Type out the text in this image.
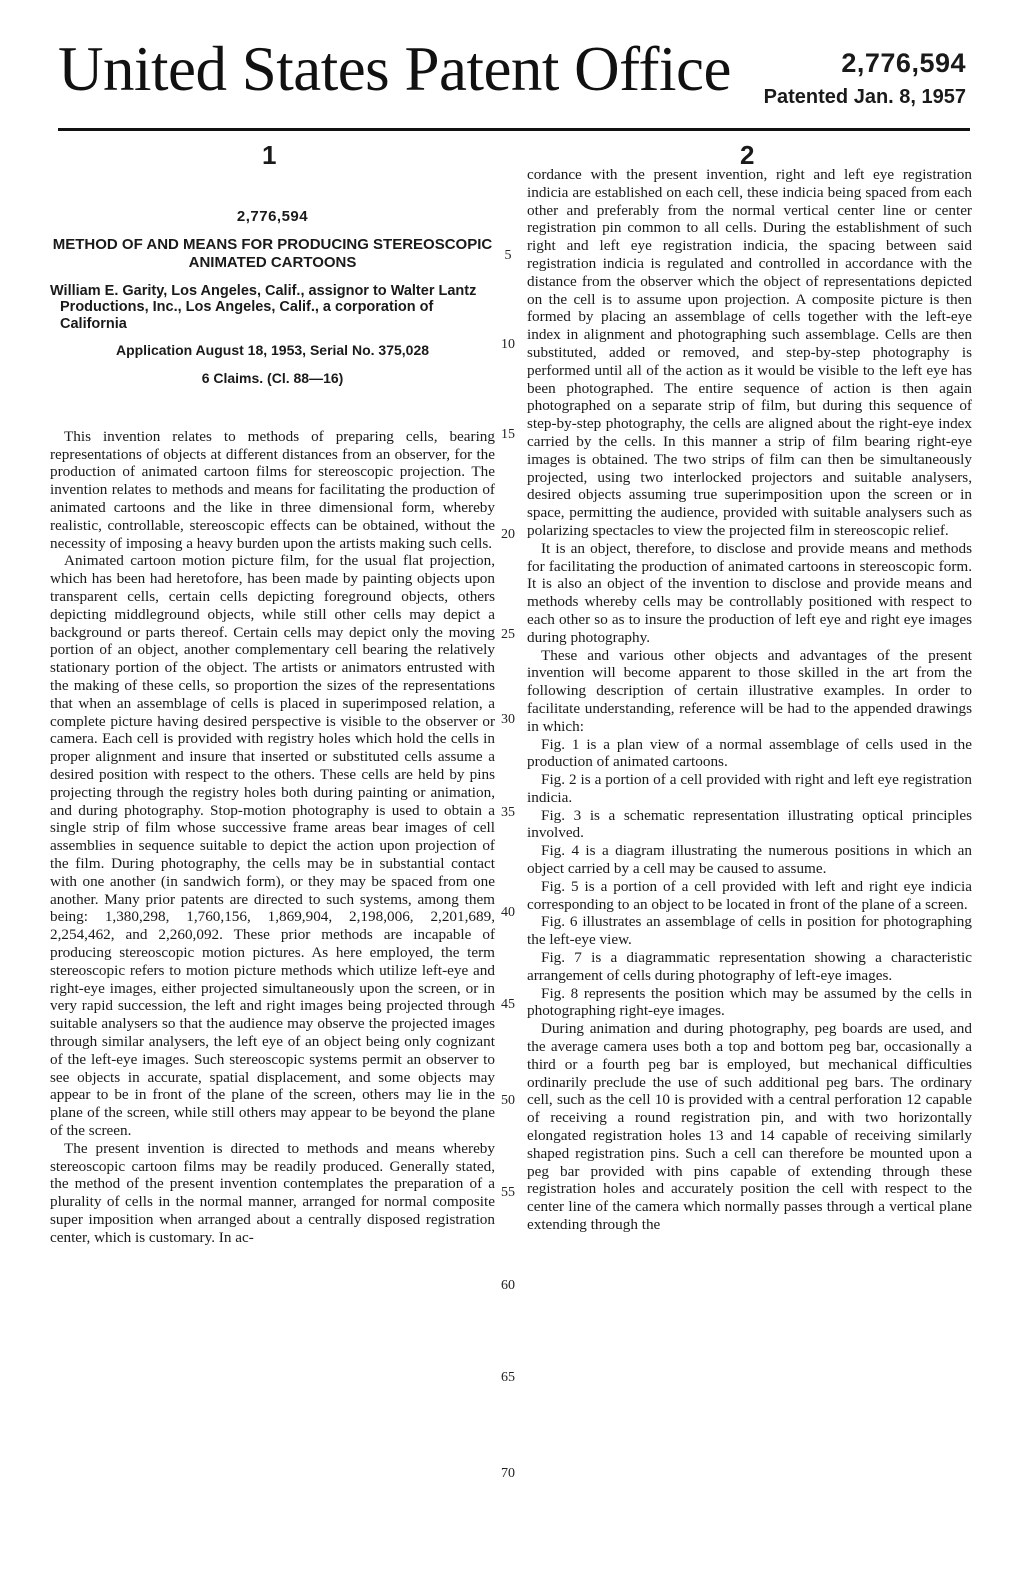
United States Patent Office	2,776,594
Patented Jan. 8, 1957
1	2
2,776,594
METHOD OF AND MEANS FOR PRODUCING STEREOSCOPIC ANIMATED CARTOONS
William E. Garity, Los Angeles, Calif., assignor to Walter Lantz Productions, Inc., Los Angeles, Calif., a corporation of California
Application August 18, 1953, Serial No. 375,028
6 Claims. (Cl. 88—16)

This invention relates to methods of preparing cells, bearing representations of objects at different distances from an observer, for the production of animated cartoon films for stereoscopic projection. The invention relates to methods and means for facilitating the production of animated cartoons and the like in three dimensional form, whereby realistic, controllable, stereoscopic effects can be obtained, without the necessity of imposing a heavy burden upon the artists making such cells.

Animated cartoon motion picture film, for the usual flat projection, which has been had heretofore, has been made by painting objects upon transparent cells, certain cells depicting foreground objects, others depicting middleground objects, while still other cells may depict a background or parts thereof. Certain cells may depict only the moving portion of an object, another complementary cell bearing the relatively stationary portion of the object. The artists or animators entrusted with the making of these cells, so proportion the sizes of the representations that when an assemblage of cells is placed in superimposed relation, a complete picture having desired perspective is visible to the observer or camera. Each cell is provided with registry holes which hold the cells in proper alignment and insure that inserted or substituted cells assume a desired position with respect to the others. These cells are held by pins projecting through the registry holes both during painting or animation, and during photography. Stop-motion photography is used to obtain a single strip of film whose successive frame areas bear images of cell assemblies in sequence suitable to depict the action upon projection of the film. During photography, the cells may be in substantial contact with one another (in sandwich form), or they may be spaced from one another. Many prior patents are directed to such systems, among them being: 1,380,298, 1,760,156, 1,869,904, 2,198,006, 2,201,689, 2,254,462, and 2,260,092. These prior methods are incapable of producing stereoscopic motion pictures. As here employed, the term stereoscopic refers to motion picture methods which utilize left-eye and right-eye images, either projected simultaneously upon the screen, or in very rapid succession, the left and right images being projected through suitable analysers so that the audience may observe the projected images through similar analysers, the left eye of an object being only cognizant of the left-eye images. Such stereoscopic systems permit an observer to see objects in accurate, spatial displacement, and some objects may appear to be in front of the plane of the screen, others may lie in the plane of the screen, while still others may appear to be beyond the plane of the screen.

The present invention is directed to methods and means whereby stereoscopic cartoon films may be readily produced. Generally stated, the method of the present invention contemplates the preparation of a plurality of cells in the normal manner, arranged for normal composite super imposition when arranged about a centrally disposed registration center, which is customary. In ac-

cordance with the present invention, right and left eye registration indicia are established on each cell, these indicia being spaced from each other and preferably from the normal vertical center line or center registration pin common to all cells. During the establishment of such right and left eye registration indicia, the spacing between said registration indicia is regulated and controlled in accordance with the distance from the observer which the object of representations depicted on the cell is to assume upon projection. A composite picture is then formed by placing an assemblage of cells together with the left-eye index in alignment and photographing such assemblage. Cells are then substituted, added or removed, and step-by-step photography is performed until all of the action as it would be visible to the left eye has been photographed. The entire sequence of action is then again photographed on a separate strip of film, but during this sequence of step-by-step photography, the cells are aligned about the right-eye index carried by the cells. In this manner a strip of film bearing right-eye images is obtained. The two strips of film can then be simultaneously projected, using two interlocked projectors and suitable analysers, desired objects assuming true superimposition upon the screen or in space, permitting the audience, provided with suitable analysers such as polarizing spectacles to view the projected film in stereoscopic relief.

It is an object, therefore, to disclose and provide means and methods for facilitating the production of animated cartoons in stereoscopic form. It is also an object of the invention to disclose and provide means and methods whereby cells may be controllably positioned with respect to each other so as to insure the production of left eye and right eye images during photography.

These and various other objects and advantages of the present invention will become apparent to those skilled in the art from the following description of certain illustrative examples. In order to facilitate understanding, reference will be had to the appended drawings in which:

Fig. 1 is a plan view of a normal assemblage of cells used in the production of animated cartoons.

Fig. 2 is a portion of a cell provided with right and left eye registration indicia.

Fig. 3 is a schematic representation illustrating optical principles involved.

Fig. 4 is a diagram illustrating the numerous positions in which an object carried by a cell may be caused to assume.

Fig. 5 is a portion of a cell provided with left and right eye indicia corresponding to an object to be located in front of the plane of a screen.

Fig. 6 illustrates an assemblage of cells in position for photographing the left-eye view.

Fig. 7 is a diagrammatic representation showing a characteristic arrangement of cells during photography of left-eye images.

Fig. 8 represents the position which may be assumed by the cells in photographing right-eye images.

During animation and during photography, peg boards are used, and the average camera uses both a top and bottom peg bar, occasionally a third or a fourth peg bar is employed, but mechanical difficulties ordinarily preclude the use of such additional peg bars. The ordinary cell, such as the cell 10 is provided with a central perforation 12 capable of receiving a round registration pin, and with two horizontally elongated registration holes 13 and 14 capable of receiving similarly shaped registration pins. Such a cell can therefore be mounted upon a peg bar provided with pins capable of extending through these registration holes and accurately position the cell with respect to the center line of the camera which normally passes through a vertical plane extending through the

5
10
15
20
25
30
35
40
45
50
55
60
65
70
